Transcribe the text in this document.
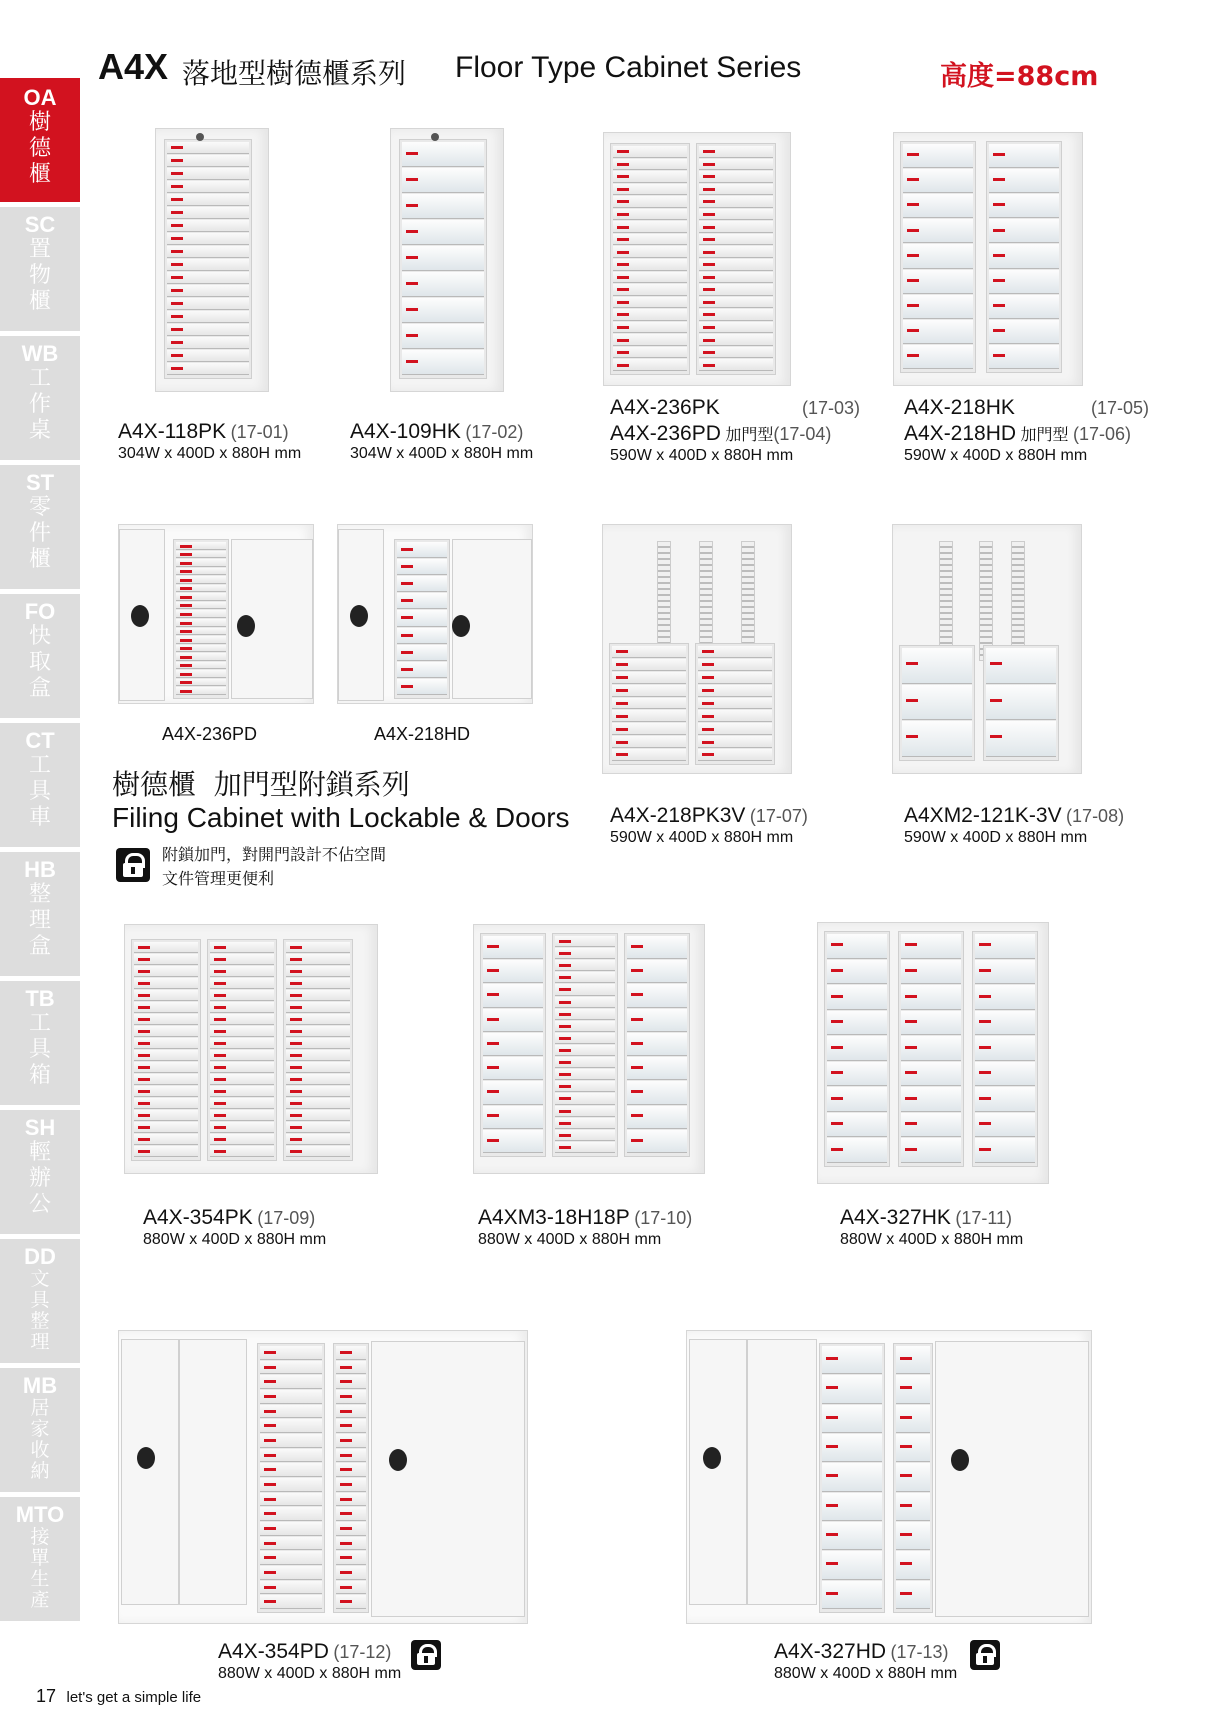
OA
樹德櫃
SC
置物櫃
WB
工作桌
ST
零件櫃
FO
快取盒
CT
工具車
HB
整理盒
TB
工具箱
SH
輕辦公
DD
文具整理
MB
居家收納
MTO
接單生產
A4X 落地型樹德櫃系列 Floor Type Cabinet Series	高度=88cm
A4X-118PK (17-01)
304W x 400D x 880H mm
A4X-109HK (17-02)
304W x 400D x 880H mm
A4X-236PK	(17-03)
A4X-236PD 加門型(17-04)
590W x 400D x 880H mm
A4X-218HK	(17-05)
A4X-218HD 加門型 (17-06)
590W x 400D x 880H mm
A4X-236PD	A4X-218HD
A4X-218PK3V (17-07)
590W x 400D x 880H mm
A4XM2-121K-3V (17-08)
590W x 400D x 880H mm
樹德櫃  加門型附鎖系列
Filing Cabinet with Lockable & Doors
附鎖加門，對開門設計不佔空間
文件管理更便利
A4X-354PK (17-09)
880W x 400D x 880H mm
A4XM3-18H18P (17-10)
880W x 400D x 880H mm
A4X-327HK (17-11)
880W x 400D x 880H mm
A4X-354PD (17-12)
880W x 400D x 880H mm
A4X-327HD (17-13)
880W x 400D x 880H mm
17 let's get a simple life
